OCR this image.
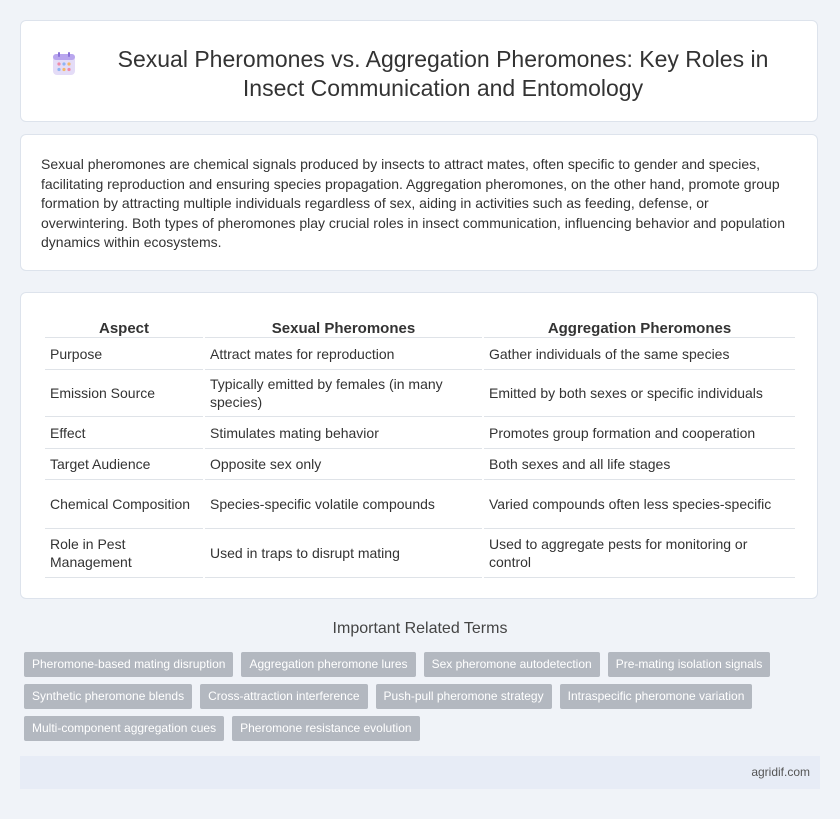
Sexual Pheromones vs. Aggregation Pheromones: Key Roles in Insect Communication and Entomology

Sexual pheromones are chemical signals produced by insects to attract mates, often specific to gender and species, facilitating reproduction and ensuring species propagation. Aggregation pheromones, on the other hand, promote group formation by attracting multiple individuals regardless of sex, aiding in activities such as feeding, defense, or overwintering. Both types of pheromones play crucial roles in insect communication, influencing behavior and population dynamics within ecosystems.

Aspect	Sexual Pheromones	Aggregation Pheromones
Purpose	Attract mates for reproduction	Gather individuals of the same species
Emission Source	Typically emitted by females (in many species)	Emitted by both sexes or specific individuals
Effect	Stimulates mating behavior	Promotes group formation and cooperation
Target Audience	Opposite sex only	Both sexes and all life stages
Chemical Composition	Species-specific volatile compounds	Varied compounds often less species-specific
Role in Pest Management	Used in traps to disrupt mating	Used to aggregate pests for monitoring or control
Important Related Terms
Pheromone-based mating disruption	Aggregation pheromone lures	Sex pheromone autodetection	Pre-mating isolation signals
Synthetic pheromone blends	Cross-attraction interference	Push-pull pheromone strategy	Intraspecific pheromone variation
Multi-component aggregation cues	Pheromone resistance evolution
agridif.com
